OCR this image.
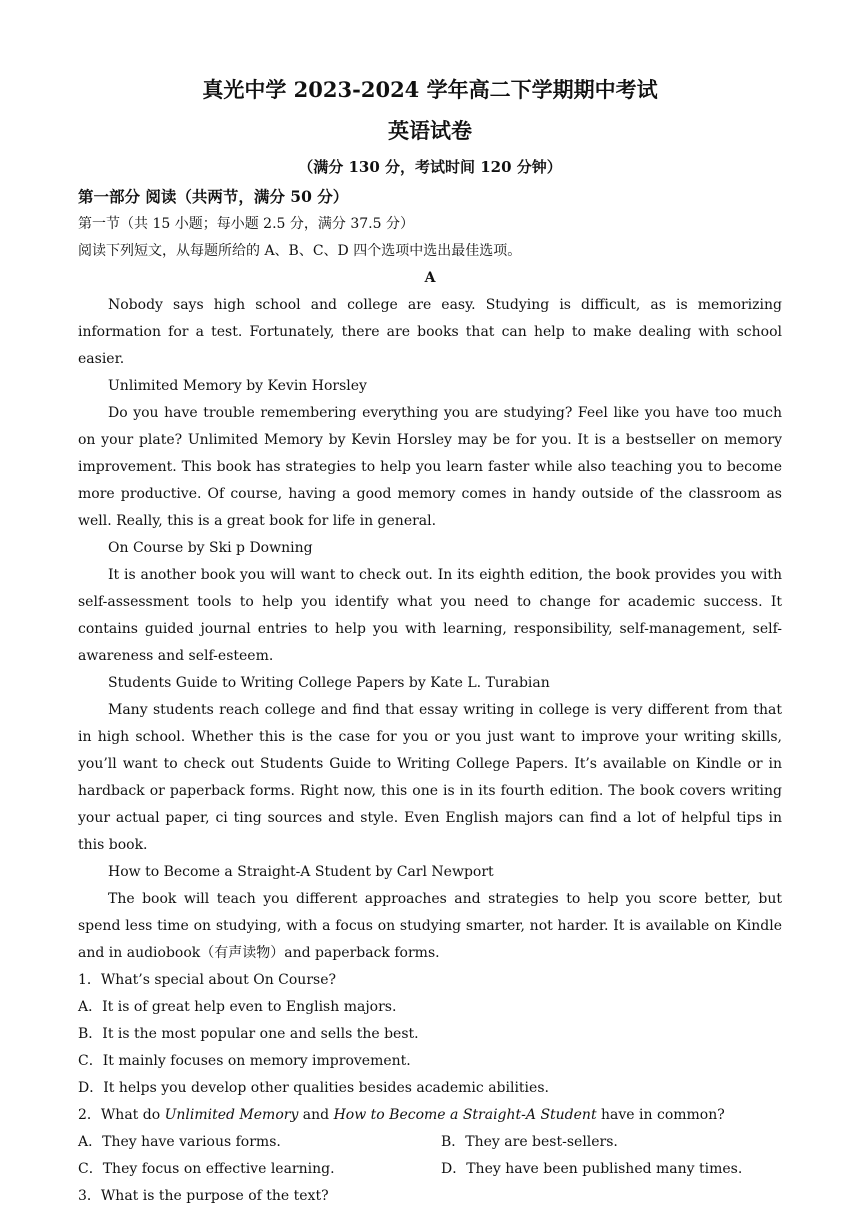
真光中学 2023-2024 学年高二下学期期中考试

英语试卷

（满分 130 分，考试时间 120 分钟）

第一部分 阅读（共两节，满分 50 分）

第一节（共 15 小题；每小题 2.5 分，满分 37.5 分）

阅读下列短文，从每题所给的 A、B、C、D 四个选项中选出最佳选项。

A

Nobody says high school and college are easy. Studying is difficult, as is memorizing information for a test. Fortunately, there are books that can help to make dealing with school easier.

Unlimited Memory by Kevin Horsley

Do you have trouble remembering everything you are studying? Feel like you have too much on your plate? Unlimited Memory by Kevin Horsley may be for you. It is a bestseller on memory improvement. This book has strategies to help you learn faster while also teaching you to become more productive. Of course, having a good memory comes in handy outside of the classroom as well. Really, this is a great book for life in general.

On Course by Ski p Downing

It is another book you will want to check out. In its eighth edition, the book provides you with self-assessment tools to help you identify what you need to change for academic success. It contains guided journal entries to help you with learning, responsibility, self-management, self-awareness and self-esteem.

Students Guide to Writing College Papers by Kate L. Turabian

Many students reach college and find that essay writing in college is very different from that in high school. Whether this is the case for you or you just want to improve your writing skills, you’ll want to check out Students Guide to Writing College Papers. It’s available on Kindle or in hardback or paperback forms. Right now, this one is in its fourth edition. The book covers writing your actual paper, ci ting sources and style. Even English majors can find a lot of helpful tips in this book.

How to Become a Straight-A Student by Carl Newport

The book will teach you different approaches and strategies to help you score better, but spend less time on studying, with a focus on studying smarter, not harder. It is available on Kindle and in audiobook（有声读物）and paperback forms.

1．What’s special about On Course?

A．It is of great help even to English majors.

B．It is the most popular one and sells the best.

C．It mainly focuses on memory improvement.

D．It helps you develop other qualities besides academic abilities.

2．What do Unlimited Memory and How to Become a Straight-A Student have in common?

A．They have various forms.	B．They are best-sellers.
C．They focus on effective learning.	D．They have been published many times.

3．What is the purpose of the text?
